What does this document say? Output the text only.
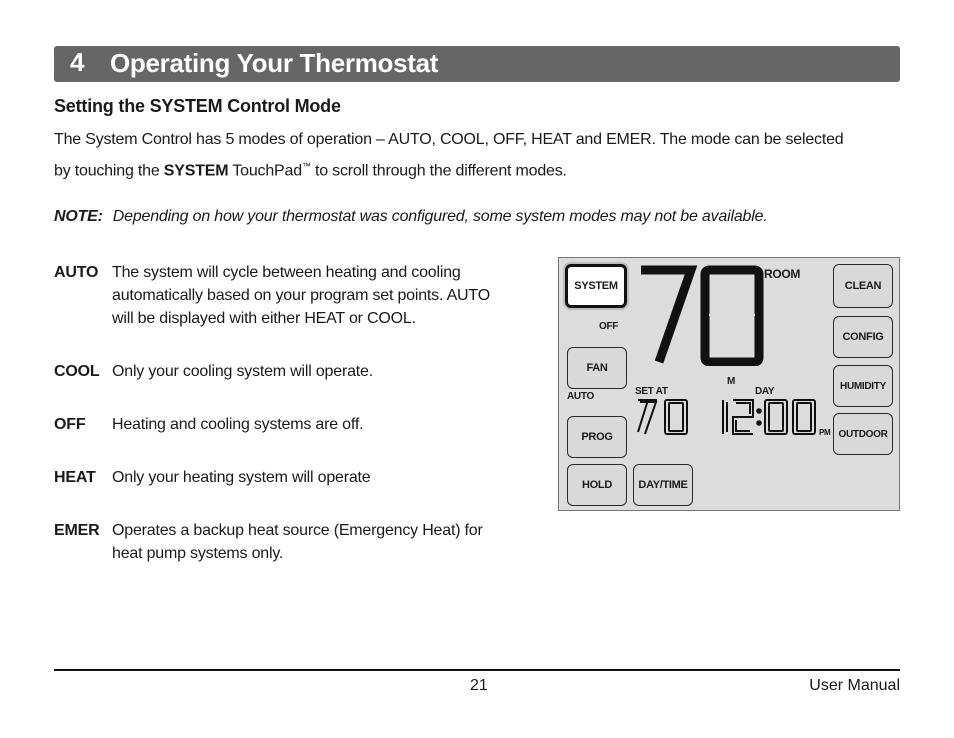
4 Operating Your Thermostat
Setting the SYSTEM Control Mode
The System Control has 5 modes of operation – AUTO, COOL, OFF, HEAT and EMER. The mode can be selected
by touching the SYSTEM TouchPad™ to scroll through the different modes.
NOTE: Depending on how your thermostat was configured, some system modes may not be available.
AUTO The system will cycle between heating and cooling automatically based on your program set points. AUTO will be displayed with either HEAT or COOL.
COOL Only your cooling system will operate.
OFF Heating and cooling systems are off.
HEAT Only your heating system will operate
EMER Operates a backup heat source (Emergency Heat) for heat pump systems only.
SYSTEM
OFF
FAN
AUTO
PROG
HOLD	DAY/TIME
ROOM
SET AT
M
DAY
PM
CLEAN
CONFIG
HUMIDITY
OUTDOOR
21	User Manual
